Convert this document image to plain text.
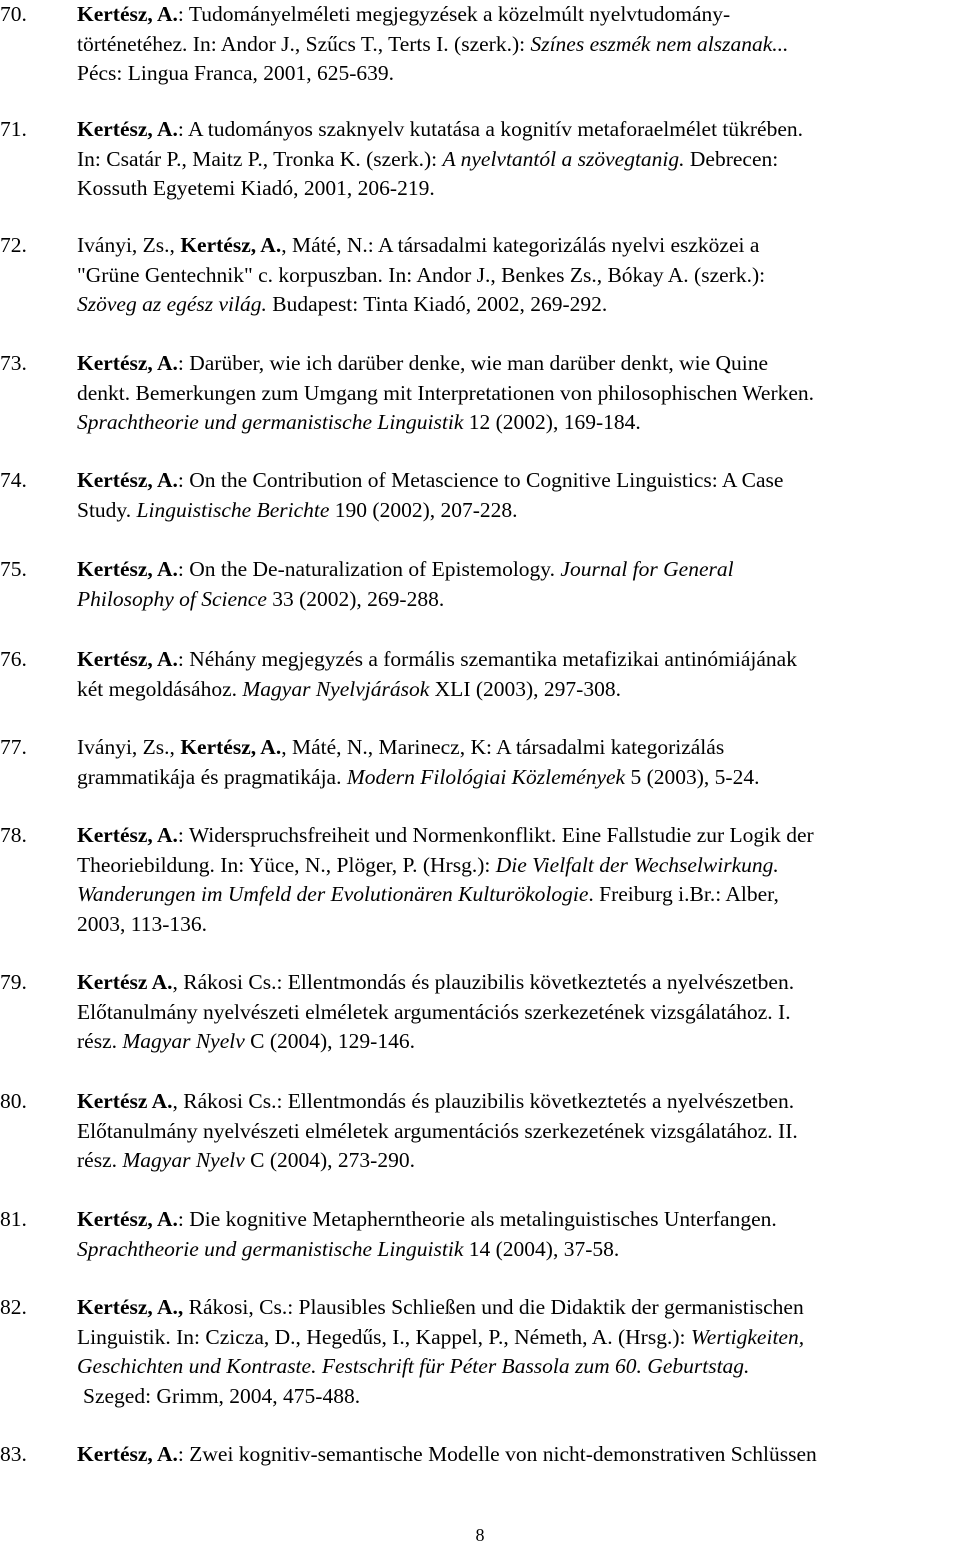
70. Kertész, A.: Tudományelméleti megjegyzések a közelmúlt nyelvtudomány-
történetéhez. In: Andor J., Szűcs T., Terts I. (szerk.): Színes eszmék nem alszanak...
Pécs: Lingua Franca, 2001, 625-639.
71. Kertész, A.: A tudományos szaknyelv kutatása a kognitív metaforaelmélet tükrében.
In: Csatár P., Maitz P., Tronka K. (szerk.): A nyelvtantól a szövegtanig. Debrecen:
Kossuth Egyetemi Kiadó, 2001, 206-219.
72. Iványi, Zs., Kertész, A., Máté, N.: A társadalmi kategorizálás nyelvi eszközei a
"Grüne Gentechnik" c. korpuszban. In: Andor J., Benkes Zs., Bókay A. (szerk.):
Szöveg az egész világ. Budapest: Tinta Kiadó, 2002, 269-292.
73. Kertész, A.: Darüber, wie ich darüber denke, wie man darüber denkt, wie Quine
denkt. Bemerkungen zum Umgang mit Interpretationen von philosophischen Werken.
Sprachtheorie und germanistische Linguistik 12 (2002), 169-184.
74. Kertész, A.: On the Contribution of Metascience to Cognitive Linguistics: A Case
Study. Linguistische Berichte 190 (2002), 207-228.
75. Kertész, A.: On the De-naturalization of Epistemology. Journal for General
Philosophy of Science 33 (2002), 269-288.
76. Kertész, A.: Néhány megjegyzés a formális szemantika metafizikai antinómiájának
két megoldásához. Magyar Nyelvjárások XLI (2003), 297-308.
77. Iványi, Zs., Kertész, A., Máté, N., Marinecz, K: A társadalmi kategorizálás
grammatikája és pragmatikája. Modern Filológiai Közlemények 5 (2003), 5-24.
78. Kertész, A.: Widerspruchsfreiheit und Normenkonflikt. Eine Fallstudie zur Logik der
Theoriebildung. In: Yüce, N., Plöger, P. (Hrsg.): Die Vielfalt der Wechselwirkung.
Wanderungen im Umfeld der Evolutionären Kulturökologie. Freiburg i.Br.: Alber,
2003, 113-136.
79. Kertész A., Rákosi Cs.: Ellentmondás és plauzibilis következtetés a nyelvészetben.
Előtanulmány nyelvészeti elméletek argumentációs szerkezetének vizsgálatához. I.
rész. Magyar Nyelv C (2004), 129-146.
80. Kertész A., Rákosi Cs.: Ellentmondás és plauzibilis következtetés a nyelvészetben.
Előtanulmány nyelvészeti elméletek argumentációs szerkezetének vizsgálatához. II.
rész. Magyar Nyelv C (2004), 273-290.
81. Kertész, A.: Die kognitive Metapherntheorie als metalinguistisches Unterfangen.
Sprachtheorie und germanistische Linguistik 14 (2004), 37-58.
82. Kertész, A., Rákosi, Cs.: Plausibles Schließen und die Didaktik der germanistischen
Linguistik. In: Czicza, D., Hegedűs, I., Kappel, P., Németh, A. (Hrsg.): Wertigkeiten,
Geschichten und Kontraste. Festschrift für Péter Bassola zum 60. Geburtstag.
Szeged: Grimm, 2004, 475-488.
83. Kertész, A.: Zwei kognitiv-semantische Modelle von nicht-demonstrativen Schlüssen
8
